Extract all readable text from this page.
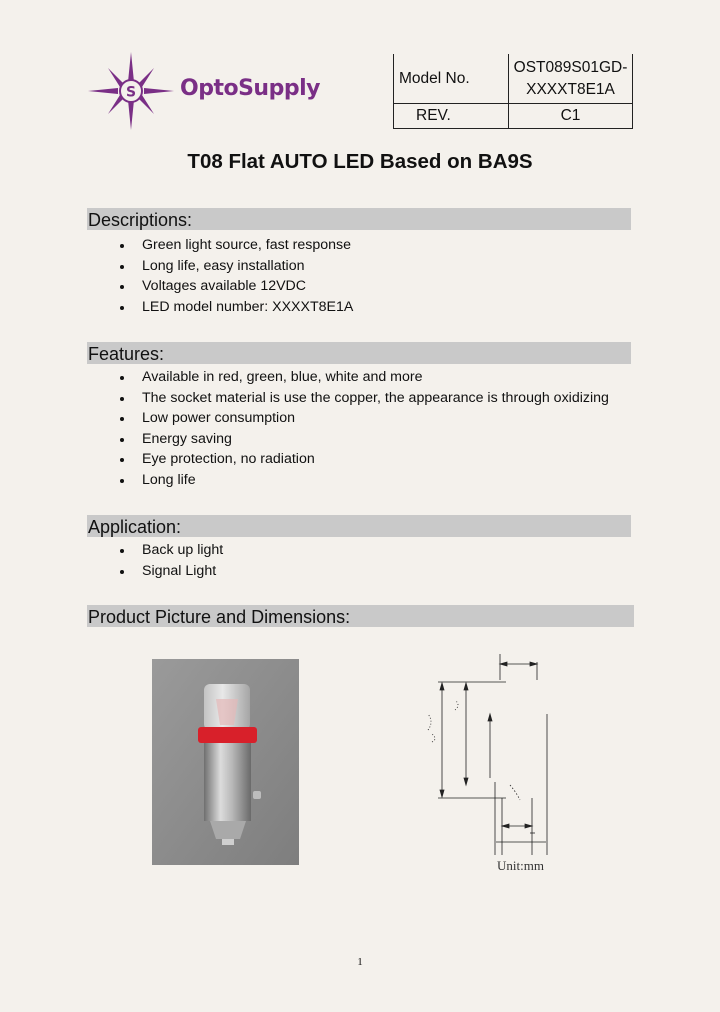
S OptoSupply	Model No.	OST089S01GD-
XXXXT8E1A

REV.	C1
T08 Flat AUTO LED Based on BA9S
Descriptions:
Green light source, fast response
Long life, easy installation
Voltages available 12VDC
LED model number: XXXXT8E1A
Features:
Available in red, green, blue, white and more
The socket material is use the copper, the appearance is through oxidizing
Low power consumption
Energy saving
Eye protection, no radiation
Long life
Application:
Back up light
Signal Light
Product Picture and Dimensions:
Unit:mm
1
